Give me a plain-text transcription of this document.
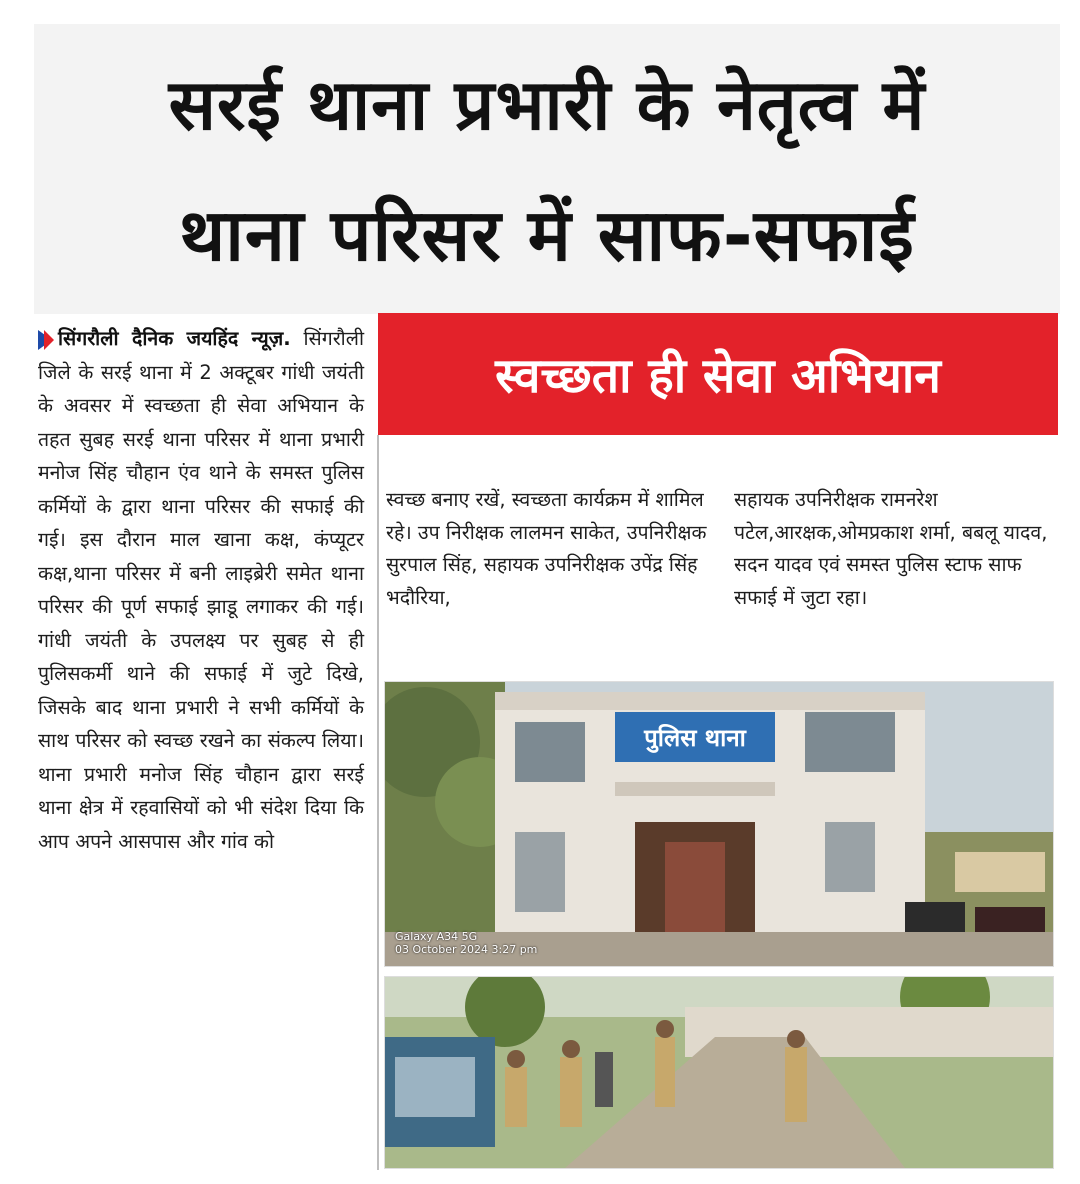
सरई थाना प्रभारी के नेतृत्व में
थाना परिसर में साफ-सफाई
स्वच्छता ही सेवा अभियान
सिंगरौली दैनिक जयहिंद न्यूज़. सिंगरौली जिले के सरई थाना में 2 अक्टूबर गांधी जयंती के अवसर में स्वच्छता ही सेवा अभियान के तहत सुबह सरई थाना परिसर में थाना प्रभारी मनोज सिंह चौहान एंव थाने के समस्त पुलिस कर्मियों के द्वारा थाना परिसर की सफाई की गई। इस दौरान माल खाना कक्ष, कंप्यूटर कक्ष,थाना परिसर में बनी लाइब्रेरी समेत थाना परिसर की पूर्ण सफाई झाडू लगाकर की गई। गांधी जयंती के उपलक्ष्य पर सुबह से ही पुलिसकर्मी थाने की सफाई में जुटे दिखे, जिसके बाद थाना प्रभारी ने सभी कर्मियों के साथ परिसर को स्वच्छ रखने का संकल्प लिया। थाना प्रभारी मनोज सिंह चौहान द्वारा सरई थाना क्षेत्र में रहवासियों को भी संदेश दिया कि आप अपने आसपास और गांव को
स्वच्छ बनाए रखें, स्वच्छता कार्यक्रम में शामिल रहे। उप निरीक्षक लालमन साकेत, उपनिरीक्षक सुरपाल सिंह, सहायक उपनिरीक्षक उपेंद्र सिंह भदौरिया,
सहायक उपनिरीक्षक रामनरेश पटेल,आरक्षक,ओमप्रकाश शर्मा, बबलू यादव, सदन यादव एवं समस्त पुलिस स्टाफ साफ सफाई में जुटा रहा।
पुलिस थाना
Galaxy A34 5G
03 October 2024 3:27 pm
